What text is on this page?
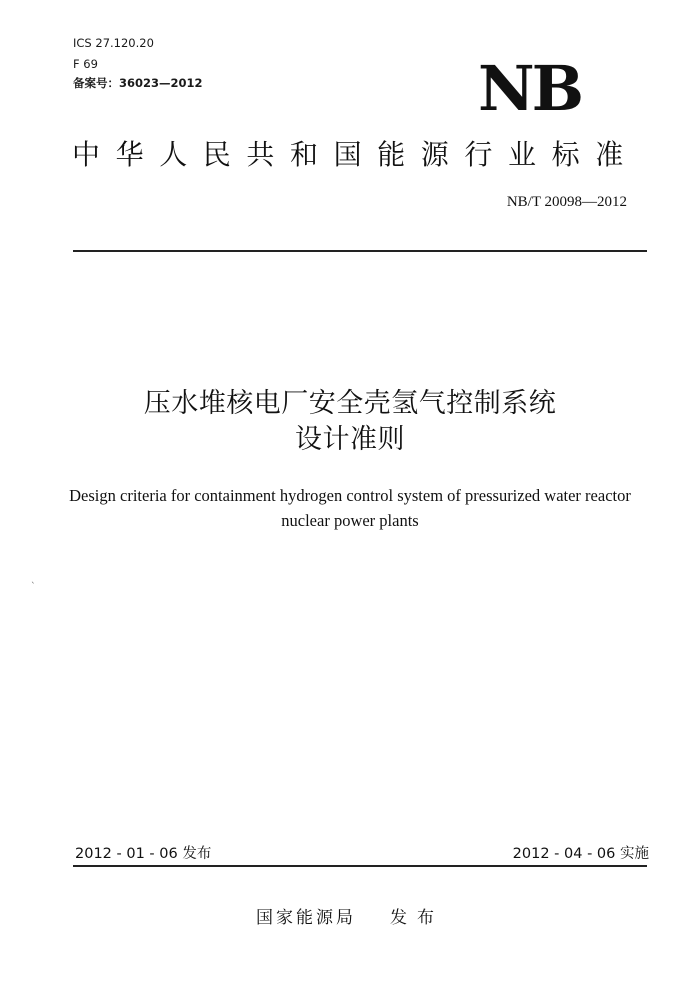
ICS 27.120.20
F 69
备案号：36023—2012	NB
中华人民共和国能源行业标准
NB/T 20098—2012
压水堆核电厂安全壳氢气控制系统
设计准则
Design criteria for containment hydrogen control system of pressurized water reactor
nuclear power plants
`
2012 - 01 - 06 发布	2012 - 04 - 06 实施
国家能源局 发布
